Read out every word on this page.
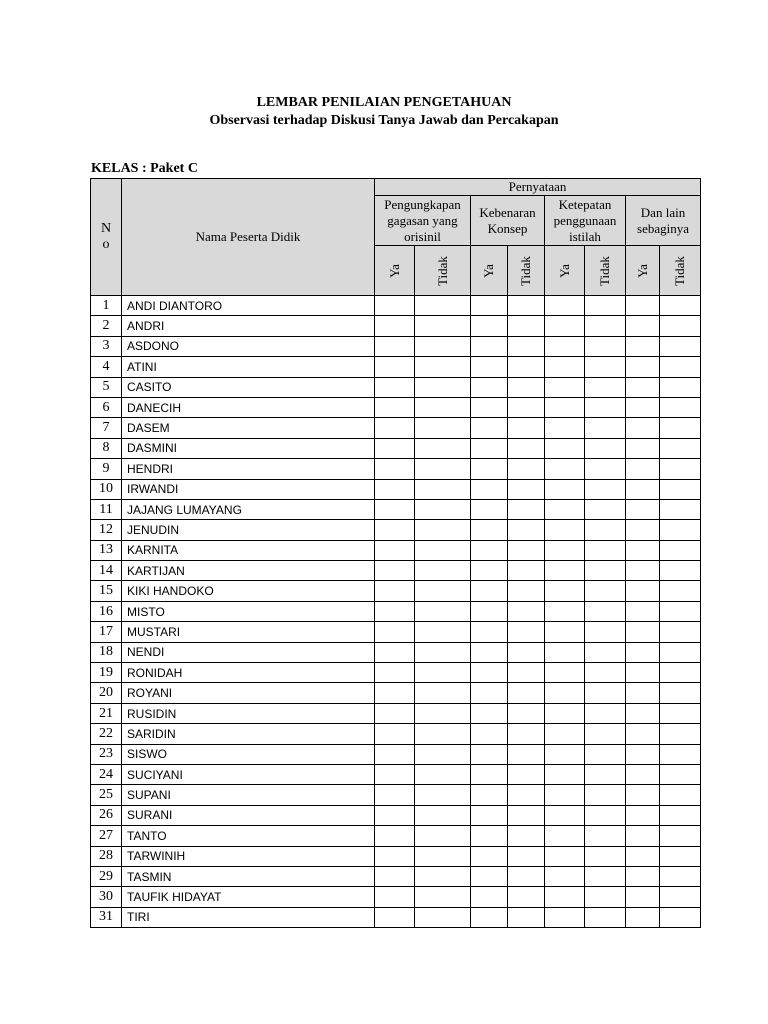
LEMBAR PENILAIAN PENGETAHUAN
Observasi terhadap Diskusi Tanya Jawab dan Percakapan
KELAS : Paket C
N
o	Nama Peserta Didik	Pernyataan							
		Pengungkapan gagasan yang orisinil		Kebenaran Konsep		Ketepatan penggunaan istilah		Dan lain sebaginya	
		Ya	Tidak	Ya	Tidak	Ya	Tidak	Ya	Tidak
1	ANDI DIANTORO								
2	ANDRI								
3	ASDONO								
4	ATINI								
5	CASITO								
6	DANECIH								
7	DASEM								
8	DASMINI								
9	HENDRI								
10	IRWANDI								
11	JAJANG LUMAYANG								
12	JENUDIN								
13	KARNITA								
14	KARTIJAN								
15	KIKI HANDOKO								
16	MISTO								
17	MUSTARI								
18	NENDI								
19	RONIDAH								
20	ROYANI								
21	RUSIDIN								
22	SARIDIN								
23	SISWO								
24	SUCIYANI								
25	SUPANI								
26	SURANI								
27	TANTO								
28	TARWINIH								
29	TASMIN								
30	TAUFIK HIDAYAT								
31	TIRI								
